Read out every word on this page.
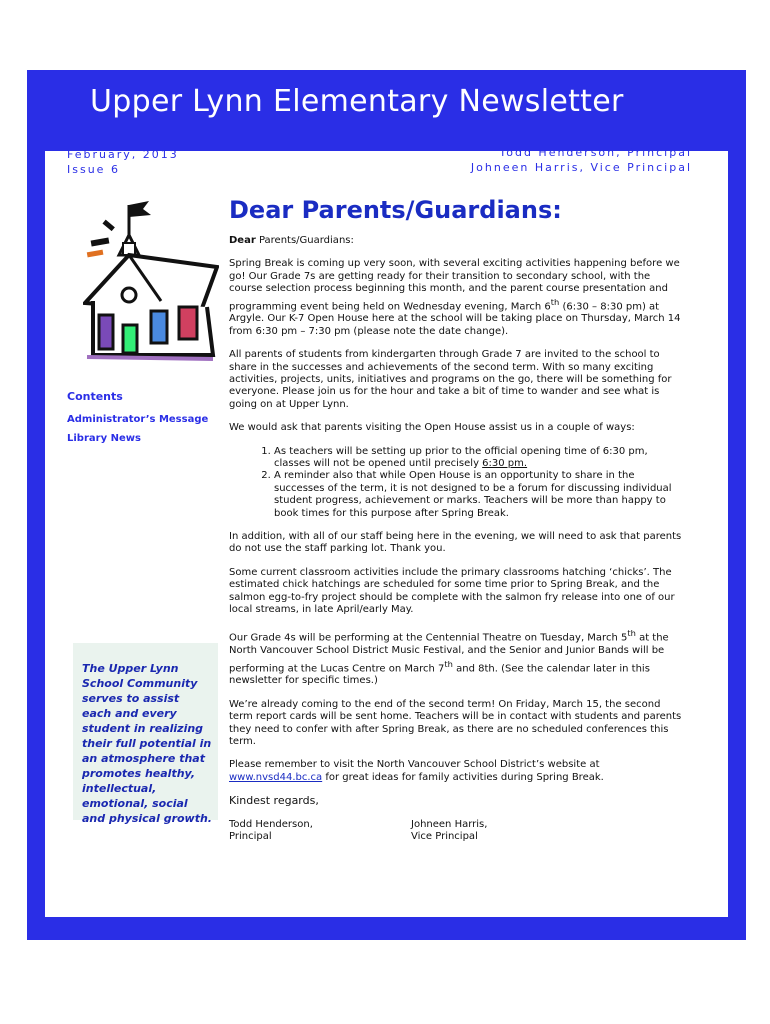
Upper Lynn Elementary Newsletter
February, 2013
Issue 6
Todd Henderson, Principal
Johneen Harris, Vice Principal
Contents
Administrator’s Message
Library News
The Upper Lynn School Community serves to assist each and every student in realizing their full potential in an atmosphere that promotes healthy, intellectual, emotional, social and physical growth.
Dear Parents/Guardians:

Dear Parents/Guardians:

Spring Break is coming up very soon, with several exciting activities happening before we go! Our Grade 7s are getting ready for their transition to secondary school, with the course selection process beginning this month, and the parent course presentation and programming event being held on Wednesday evening, March 6th (6:30 – 8:30 pm) at Argyle. Our K-7 Open House here at the school will be taking place on Thursday, March 14 from 6:30 pm – 7:30 pm (please note the date change).

All parents of students from kindergarten through Grade 7 are invited to the school to share in the successes and achievements of the second term. With so many exciting activities, projects, units, initiatives and programs on the go, there will be something for everyone. Please join us for the hour and take a bit of time to wander and see what is going on at Upper Lynn.

We would ask that parents visiting the Open House assist us in a couple of ways:

1. As teachers will be setting up prior to the official opening time of 6:30 pm, classes will not be opened until precisely 6:30 pm.
2. A reminder also that while Open House is an opportunity to share in the successes of the term, it is not designed to be a forum for discussing individual student progress, achievement or marks. Teachers will be more than happy to book times for this purpose after Spring Break.

In addition, with all of our staff being here in the evening, we will need to ask that parents do not use the staff parking lot. Thank you.

Some current classroom activities include the primary classrooms hatching ‘chicks’. The estimated chick hatchings are scheduled for some time prior to Spring Break, and the salmon egg-to-fry project should be complete with the salmon fry release into one of our local streams, in late April/early May.

Our Grade 4s will be performing at the Centennial Theatre on Tuesday, March 5th at the North Vancouver School District Music Festival, and the Senior and Junior Bands will be performing at the Lucas Centre on March 7th and 8th. (See the calendar later in this newsletter for specific times.)

We’re already coming to the end of the second term! On Friday, March 15, the second term report cards will be sent home. Teachers will be in contact with students and parents they need to confer with after Spring Break, as there are no scheduled conferences this term.

Please remember to visit the North Vancouver School District’s website at www.nvsd44.bc.ca for great ideas for family activities during Spring Break.

Kindest regards,

Todd Henderson,
Principal
Johneen Harris,
Vice Principal
